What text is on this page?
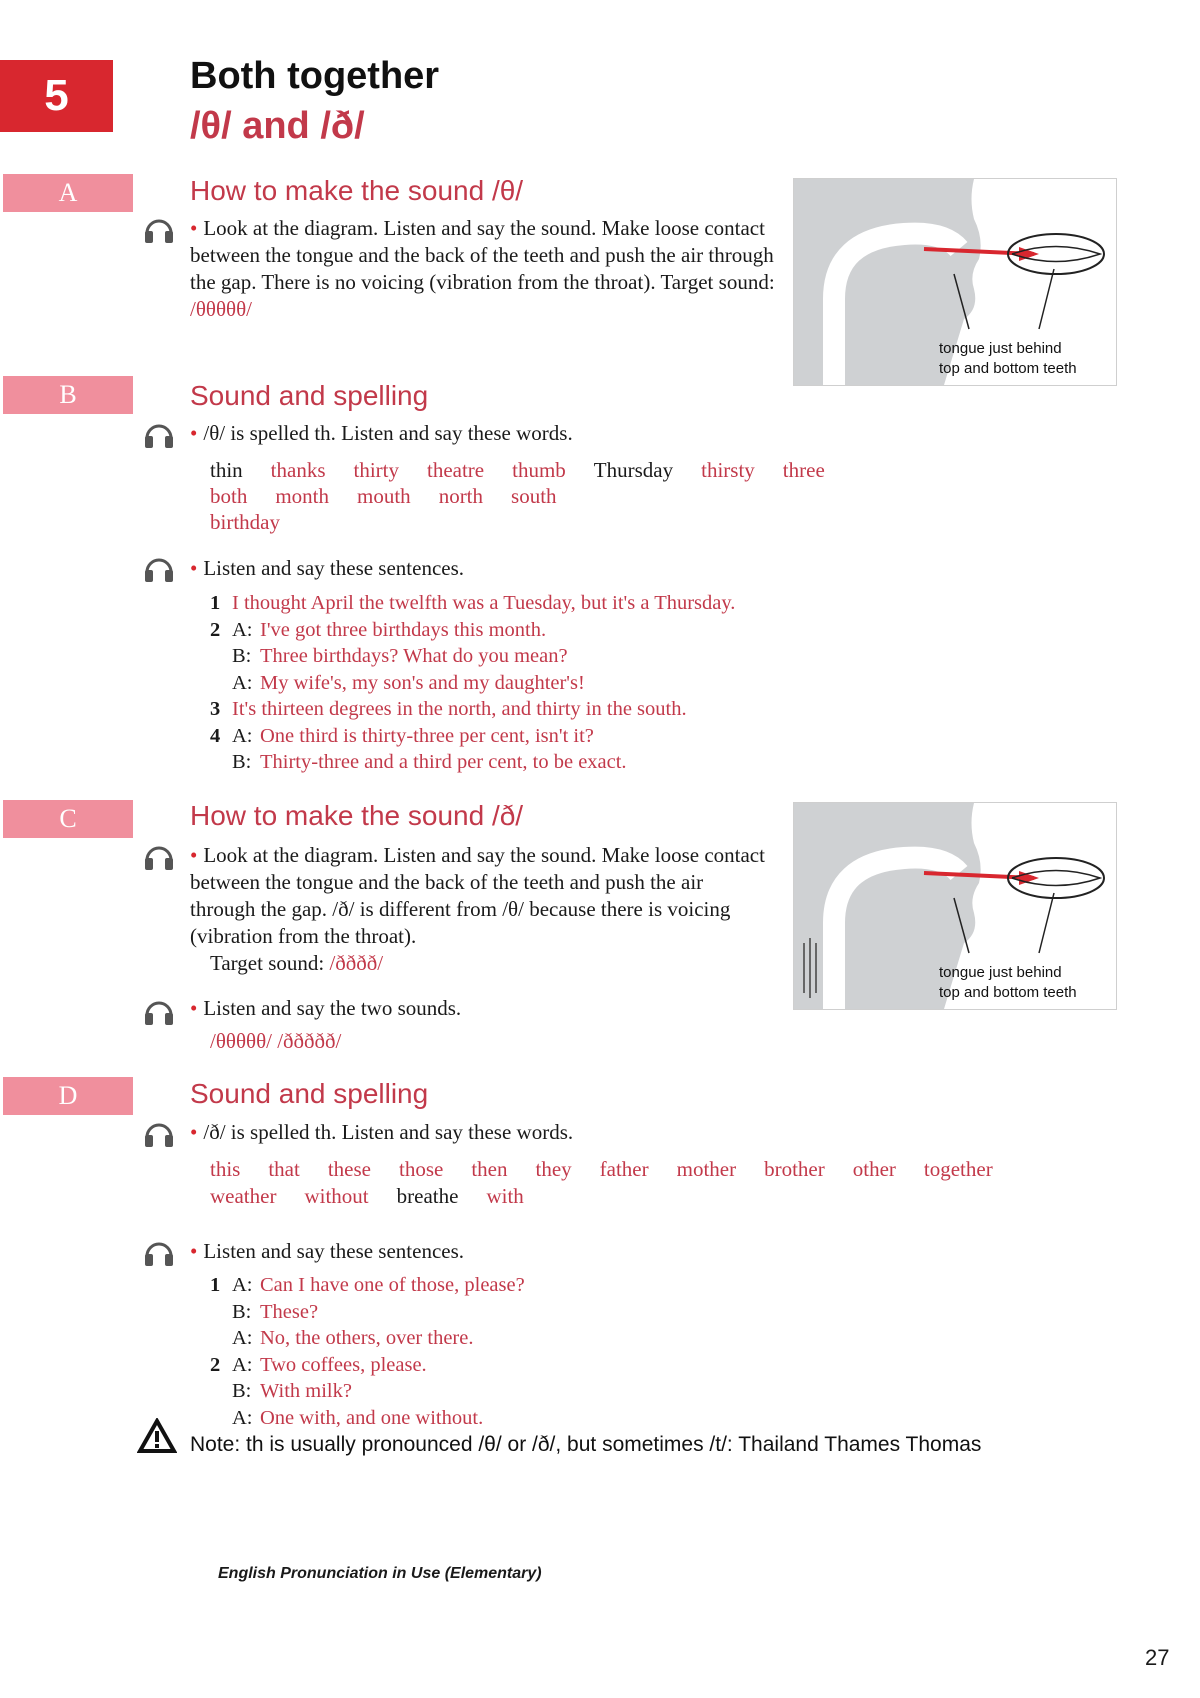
5	Both together
/θ/ and /ð/
A	How to make the sound /θ/
• Look at the diagram. Listen and say the sound. Make loose contact between the tongue and the back of the teeth and push the air through the gap. There is no voicing (vibration from the throat). Target sound: /θθθθθ/
tongue just behind
top and bottom teeth
B	Sound and spelling
• /θ/ is spelled th. Listen and say these words.
thin thanks thirty theatre thumb Thursday thirsty three
both month mouth north south
birthday
• Listen and say these sentences.
1 I thought April the twelfth was a Tuesday, but it's a Thursday.
2 A: I've got three birthdays this month.
B: Three birthdays? What do you mean?
A: My wife's, my son's and my daughter's!
3 It's thirteen degrees in the north, and thirty in the south.
4 A: One third is thirty-three per cent, isn't it?
B: Thirty-three and a third per cent, to be exact.
C	How to make the sound /ð/
• Look at the diagram. Listen and say the sound. Make loose contact between the tongue and the back of the teeth and push the air through the gap. /ð/ is different from /θ/ because there is voicing (vibration from the throat).
Target sound: /ðððð/	tongue just behind
top and bottom teeth
• Listen and say the two sounds.
/θθθθθ/ /ððððð/
D	Sound and spelling
• /ð/ is spelled th. Listen and say these words.
this that these those then they father mother brother other together
weather without breathe with
• Listen and say these sentences.
1 A: Can I have one of those, please?
B: These?
A: No, the others, over there.
2 A: Two coffees, please.
B: With milk?
A: One with, and one without.
Note: th is usually pronounced /θ/ or /ð/, but sometimes /t/: Thailand Thames Thomas
English Pronunciation in Use (Elementary)
27
